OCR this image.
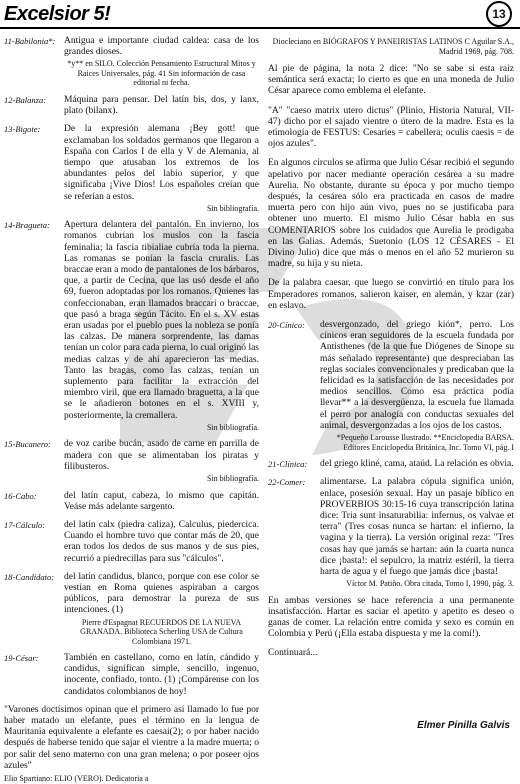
Excelsior 5!	13
11-Babilonia*: Antigua e importante ciudad caldea: casa de los grandes dioses.
*y** en SILO. Colección Pensamiento Estructural Mitos y Raices Universales, pág. 41 Sin información de casa editorial ni fecha.
12-Balanza:	Máquina para pensar. Del latín bis, dos, y lanx, plato (bilanx).
13-Bigote:	De la expresión alemana ¡Bey gott! que exclamaban los soldados germanos que llegaron a España con Carlos I de ella y V de Alemania, al tiempo que atusaban los extremos de los abundantes pelos del labio superior, y que significaba ¡Vive Dios! Los españoles creían que se referían a estos.
Sin bibliografía.
14-Bragueta:	Apertura delantera del pantalón. En invierno, los romanos cubrían los muslos con la fascia feminalia; la fascia tibialiae cubría toda la pierna. Las romanas se ponían la fascia cruralis. Las braccae eran a modo de pantalones de los bárbaros, que, a partir de Cecina, que las usó desde el año 69, fueron adoptadas por los romanos. Quienes las confeccionaban, eran llamados braccari o braccae, que pasó a braga según Tácito. En el s. XV estas eran usadas por el pueblo pues la nobleza se ponía las calzas. De manera sorprendente, las damas tenían un color para cada pierna, lo cual originó las medias calzas y de ahí aparecieron las medias. Tanto las bragas, como las calzas, tenían un suplemento para facilitar la extracción del miembro viril, que era llamado braguetta, a la que se le añadieron botones en el s. XVIII y, posteriormente, la cremallera.
Sin bibliografía.
15-Bucanero:	de voz caribe bucán, asado de carne en parrilla de madera con que se alimentaban los piratas y filibusteros.
Sin bibliografía.
16-Cabo:	del latín caput, cabeza, lo mismo que capitán. Veáse más adelante sargento.
17-Cálculo:	del latín calx (piedra caliza), Calculus, piedercica. Cuando el hombre tuvo que contar más de 20, que eran todos los dedos de sus manos y de sus pies, recurrió a piedrecillas para sus "cálculos".
18-Candidato:	del latín candidus, blanco, porque con ese color se vestían en Roma quienes aspiraban a cargos públicos, para demostrar la pureza de sus intenciones. (1)
Pierre d'Espagnat RECUERDOS DE LA NUEVA GRANADA. Biblioteca Scherling USA de Cultura Colombiana 1971.
19-César:	También en castellano, como en latín, cándido y candidus, significan simple, sencillo, ingenuo, inocente, confiado, tonto. (1) ¡Compárense con los candidatos colombianos de hoy!
"Varones doctísimos opinan que el primero así llamado lo fue por haber matado un elefante, pues el término en la lengua de Mauritania equivalente a elefante es caesai(2); o por haber nacido después de haberse tenido que sajar el vientre a la madre muerta; o por salir del seno materno con una gran melena; o por poseer ojos azules"
Elio Spartiano: ELIO (VERO). Dedicatoria a
Diocleciano en BIÓGRAFOS Y PANEIRISTAS LATINOS C Aguilar S.A., Madrid 1969, pág. 708.
Al pie de página, la nota 2 dice: "No se sabe si esta raiz semántica será exacta; lo cierto es que en una moneda de Julio César aparece como emblema el elefante.
"A" "caeso matrix utero dictus" (Plinio, Historia Natural, VII-47) dicho por el sajado vientre o útero de la madre. Esta es la etimología de FESTUS: Cesaries = cabellera; oculis caesis = de ojos azules".
En algunos círculos se afirma que Julio César recibió el segundo apelativo por nacer mediante operación cesárea a su madre Aurelia. No obstante, durante su época y por mucho tiempo después, la cesárea sólo era practicada en casos de madre muerta pero con hijo aún vivo, pues no se justificaba para obtener uno muerto. El mismo Julio César habla en sus COMENTARIOS sobre los cuidados que Aurelia le prodigaba en las Galias. Además, Suetonio (LOS 12 CÉSARES - El Divino Julio) dice que más o menos en el año 52 murieron su madre, su hija y su nieta.
De la palabra caesar, que luego se convirtió en título para los Emperadores romanos, salieron kaiser, en alemán, y kzar (zar) en eslavo.
20-Cínico:	desvergonzado, del griego kión*, perro. Los cínicos eran seguidores de la escuela fundada por Antisthenes (de la que fue Diógenes de Sinope su más señalado representante) que despreciaban las reglas sociales convencionales y predicaban que la felicidad es la satisfacción de las necesidades por medios sencillos. Como esa práctica podía llevar** a la desvergüenza, la escuela fue llamada el perro por analogía con conductas sexuales del animal, desvergonzadas a los ojos de los castos.
*Pequeño Larousse Ilustrado. **Enciclopedia BARSA. Editores Enciclopedia Británica, Inc. Tomo VI, pág. I
21-Clínica:	del griego kliné, cama, ataúd. La relación es obvia.
22-Comer:	alimentarse. La palabra cópula significa unión, enlace, posesión sexual. Hay un pasaje bíblico en PROVERBIOS 30:15-16 cuya transcripción latina dice: Tria sunt insaturabilia: infernus, os valvae et terra" (Tres cosas nunca se hartan: el infierno, la vagina y la tierra). La versión original reza: "Tres cosas hay que jamás se hartan: aún la cuarta nunca dice ¡basta!: el sepulcro, la matriz estéril, la tierra harta de agua y el fuego que jamás dice ¡basta!
Víctor M. Patiño. Obra citada, Tomo I, 1990, pág. 3.
En ambas versiones se hace referencia a una permanente insatisfacción. Hartar es saciar el apetito y apetito es deseo o ganas de comer. La relación entre comida y sexo es común en Colombia y Perú (¡Ella estaba dispuesta y me la comí!).
Continuará...
Elmer Pinilla Galvis
